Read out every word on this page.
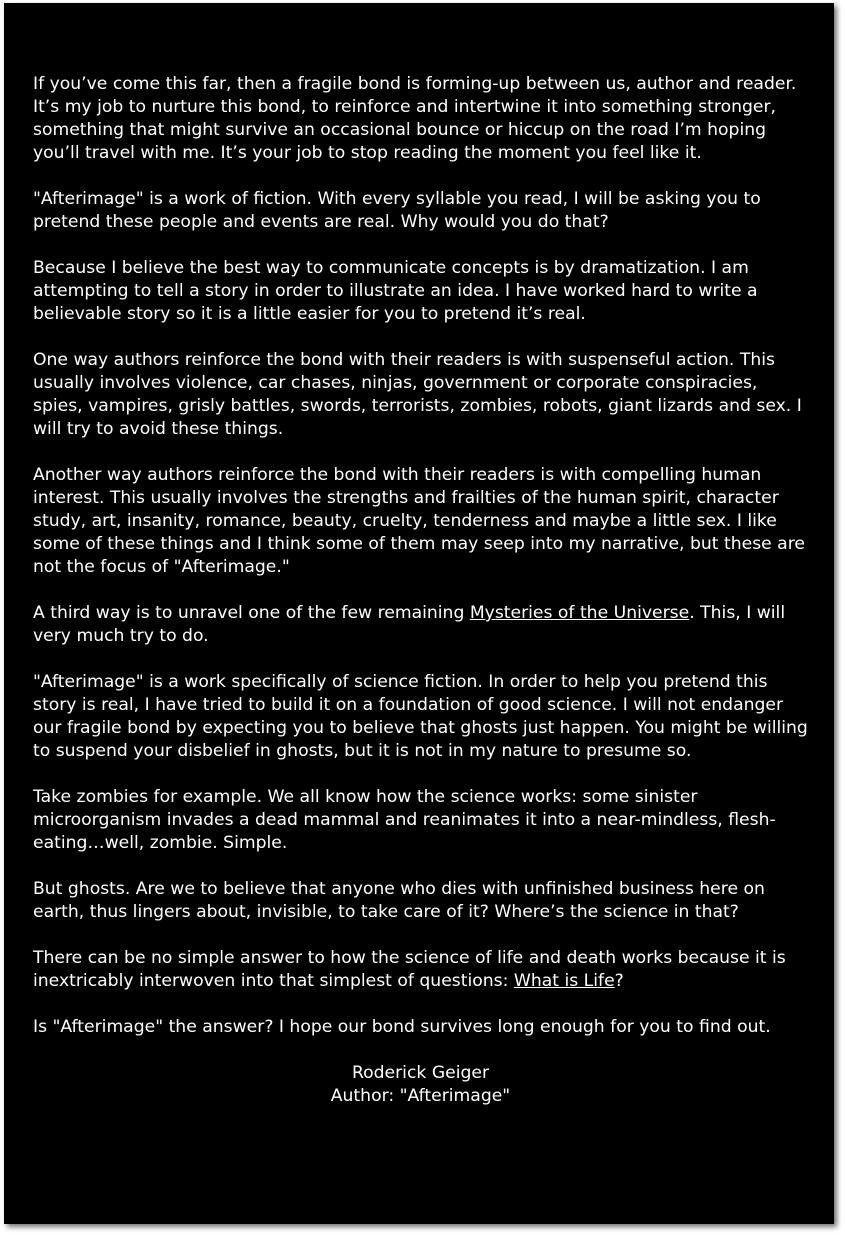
If you’ve come this far, then a fragile bond is forming-up between us, author and reader. It’s my job to nurture this bond, to reinforce and intertwine it into something stronger, something that might survive an occasional bounce or hiccup on the road I’m hoping you’ll travel with me. It’s your job to stop reading the moment you feel like it.

"Afterimage" is a work of fiction. With every syllable you read, I will be asking you to pretend these people and events are real. Why would you do that?

Because I believe the best way to communicate concepts is by dramatization. I am attempting to tell a story in order to illustrate an idea. I have worked hard to write a believable story so it is a little easier for you to pretend it’s real.

One way authors reinforce the bond with their readers is with suspenseful action. This usually involves violence, car chases, ninjas, government or corporate conspiracies, spies, vampires, grisly battles, swords, terrorists, zombies, robots, giant lizards and sex. I will try to avoid these things.

Another way authors reinforce the bond with their readers is with compelling human interest. This usually involves the strengths and frailties of the human spirit, character study, art, insanity, romance, beauty, cruelty, tenderness and maybe a little sex. I like some of these things and I think some of them may seep into my narrative, but these are not the focus of "Afterimage."

A third way is to unravel one of the few remaining Mysteries of the Universe. This, I will very much try to do.

"Afterimage" is a work specifically of science fiction. In order to help you pretend this story is real, I have tried to build it on a foundation of good science. I will not endanger our fragile bond by expecting you to believe that ghosts just happen. You might be willing to suspend your disbelief in ghosts, but it is not in my nature to presume so.

Take zombies for example. We all know how the science works: some sinister microorganism invades a dead mammal and reanimates it into a near-mindless, flesh-eating…well, zombie. Simple.

But ghosts. Are we to believe that anyone who dies with unfinished business here on earth, thus lingers about, invisible, to take care of it? Where’s the science in that?

There can be no simple answer to how the science of life and death works because it is inextricably interwoven into that simplest of questions: What is Life?

Is "Afterimage" the answer? I hope our bond survives long enough for you to find out.

Roderick Geiger
Author: "Afterimage"
